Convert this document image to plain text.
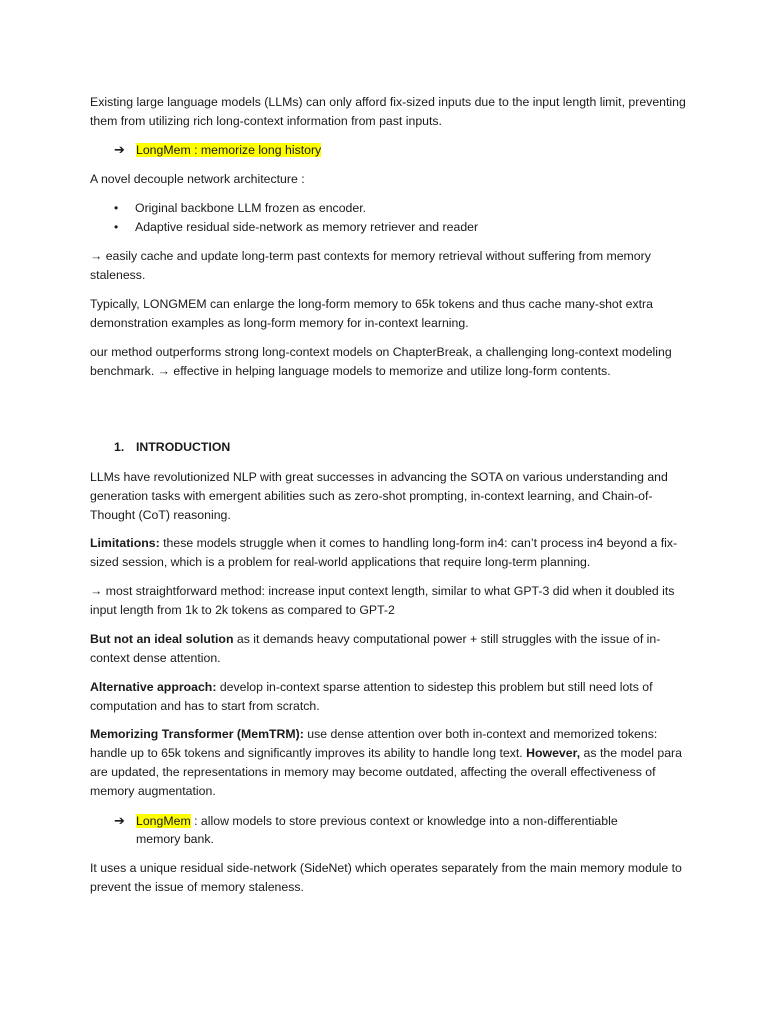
Existing large language models (LLMs) can only afford fix-sized inputs due to the input length limit, preventing them from utilizing rich long-context information from past inputs.

➔ LongMem : memorize long history

A novel decouple network architecture :

• Original backbone LLM frozen as encoder.
• Adaptive residual side-network as memory retriever and reader

→ easily cache and update long-term past contexts for memory retrieval without suffering from memory staleness.

Typically, LONGMEM can enlarge the long-form memory to 65k tokens and thus cache many-shot extra demonstration examples as long-form memory for in-context learning.

our method outperforms strong long-context models on ChapterBreak, a challenging long-context modeling benchmark. → effective in helping language models to memorize and utilize long-form contents.

1. INTRODUCTION

LLMs have revolutionized NLP with great successes in advancing the SOTA on various understanding and generation tasks with emergent abilities such as zero-shot prompting, in-context learning, and Chain-of-Thought (CoT) reasoning.

Limitations: these models struggle when it comes to handling long-form in4: can’t process in4 beyond a fix-sized session, which is a problem for real-world applications that require long-term planning.

→ most straightforward method: increase input context length, similar to what GPT-3 did when it doubled its input length from 1k to 2k tokens as compared to GPT-2

But not an ideal solution as it demands heavy computational power + still struggles with the issue of in-context dense attention.

Alternative approach: develop in-context sparse attention to sidestep this problem but still need lots of computation and has to start from scratch.

Memorizing Transformer (MemTRM): use dense attention over both in-context and memorized tokens: handle up to 65k tokens and significantly improves its ability to handle long text. However, as the model para are updated, the representations in memory may become outdated, affecting the overall effectiveness of memory augmentation.

➔ LongMem : allow models to store previous context or knowledge into a non-differentiable
memory bank.

It uses a unique residual side-network (SideNet) which operates separately from the main memory module to prevent the issue of memory staleness.
